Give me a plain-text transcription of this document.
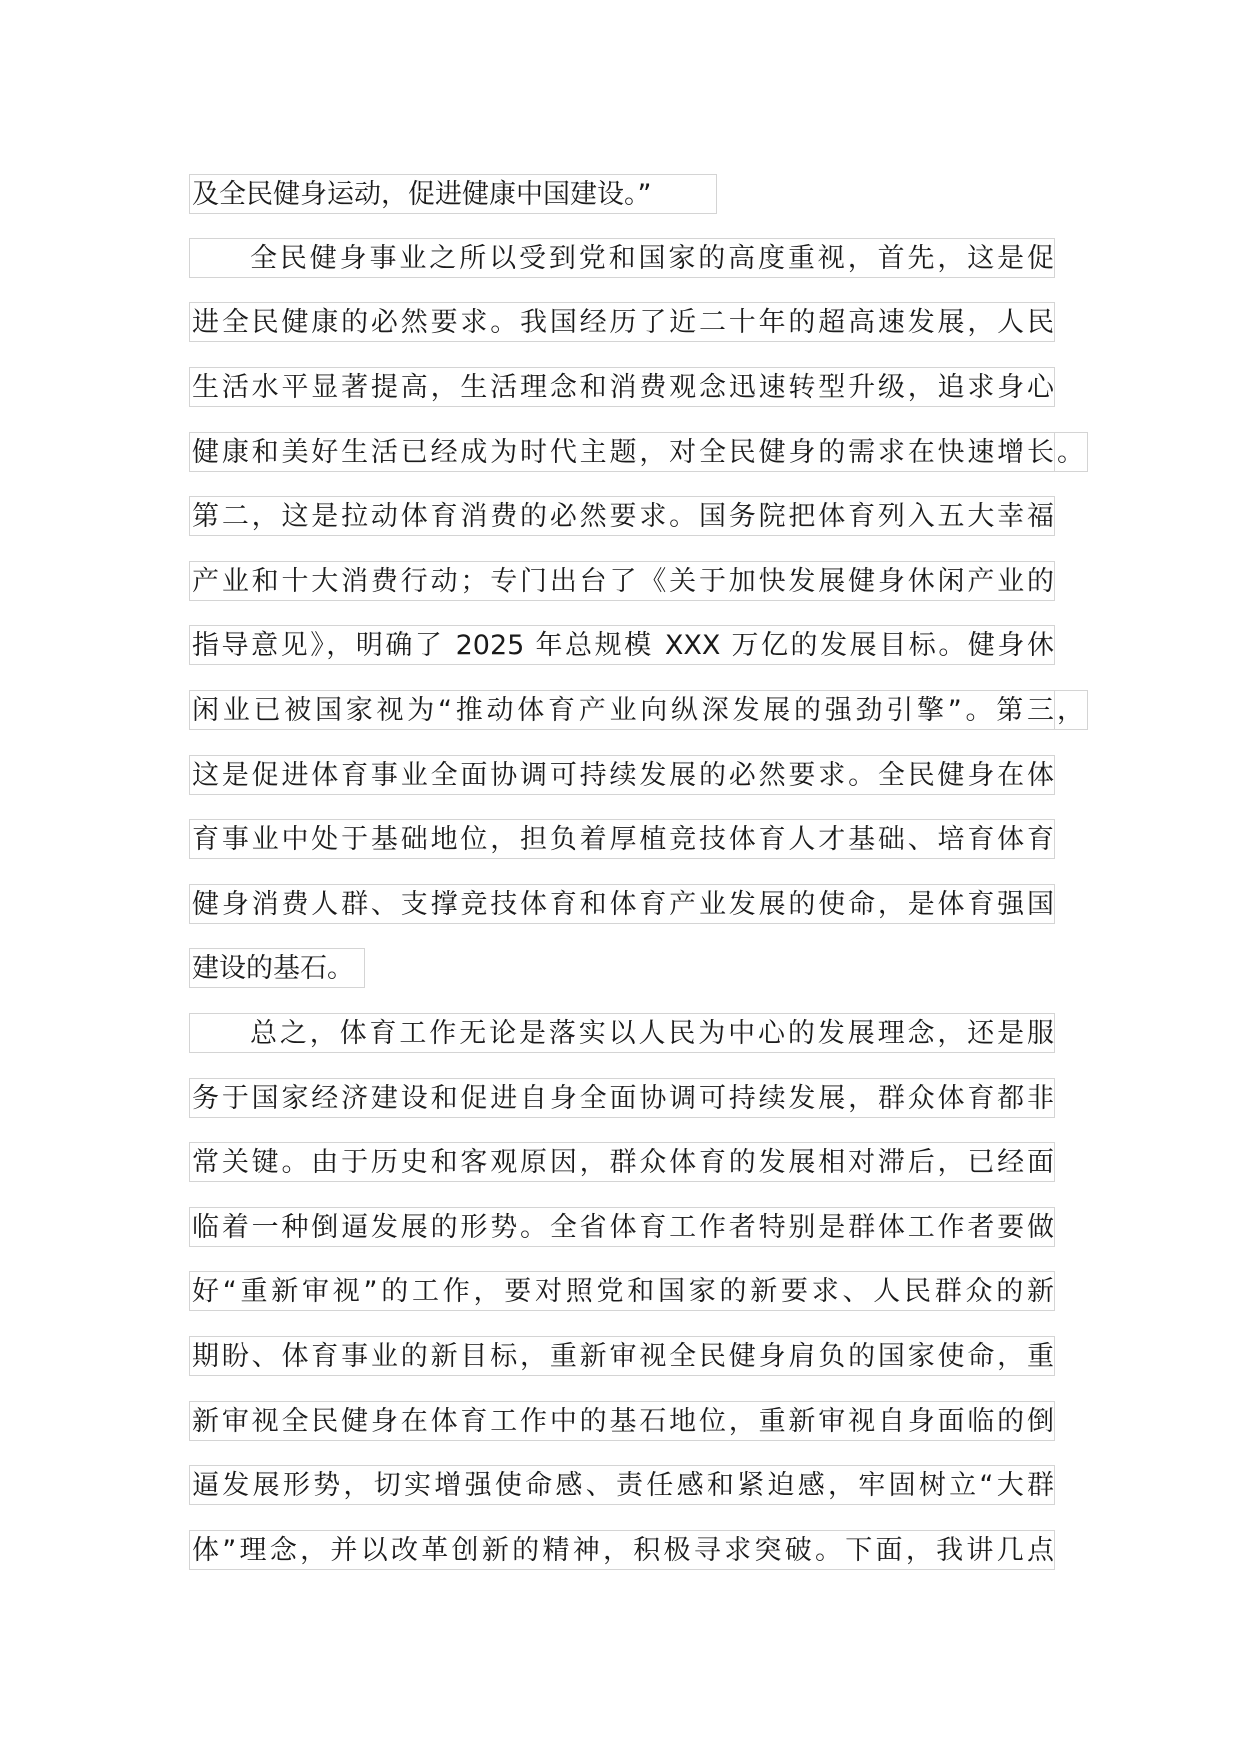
及全民健身运动，促进健康中国建设。”
全民健身事业之所以受到党和国家的高度重视，首先，这是促
进全民健康的必然要求。我国经历了近二十年的超高速发展，人民
生活水平显著提高，生活理念和消费观念迅速转型升级，追求身心
健康和美好生活已经成为时代主题，对全民健身的需求在快速增长 。
第二，这是拉动体育消费的必然要求。国务院把体育列入五大幸福
产业和十大消费行动；专门出台了《关于加快发展健身休闲产业的
指导意见》，明确了 2025 年总规模 XXX 万亿的发展目标。健身休
闲业已被国家视为“推动体育产业向纵深发展的强劲引擎”。第三 ，
这是促进体育事业全面协调可持续发展的必然要求。全民健身在体
育事业中处于基础地位，担负着厚植竞技体育人才基础、培育体育
健身消费人群、支撑竞技体育和体育产业发展的使命，是体育强国
建设的基石。
总之，体育工作无论是落实以人民为中心的发展理念，还是服
务于国家经济建设和促进自身全面协调可持续发展，群众体育都非
常关键。由于历史和客观原因，群众体育的发展相对滞后，已经面
临着一种倒逼发展的形势。全省体育工作者特别是群体工作者要做
好“重新审视”的工作，要对照党和国家的新要求、人民群众的新
期盼、体育事业的新目标，重新审视全民健身肩负的国家使命，重
新审视全民健身在体育工作中的基石地位，重新审视自身面临的倒
逼发展形势，切实增强使命感、责任感和紧迫感，牢固树立“大群
体”理念，并以改革创新的精神，积极寻求突破。下面，我讲几点
